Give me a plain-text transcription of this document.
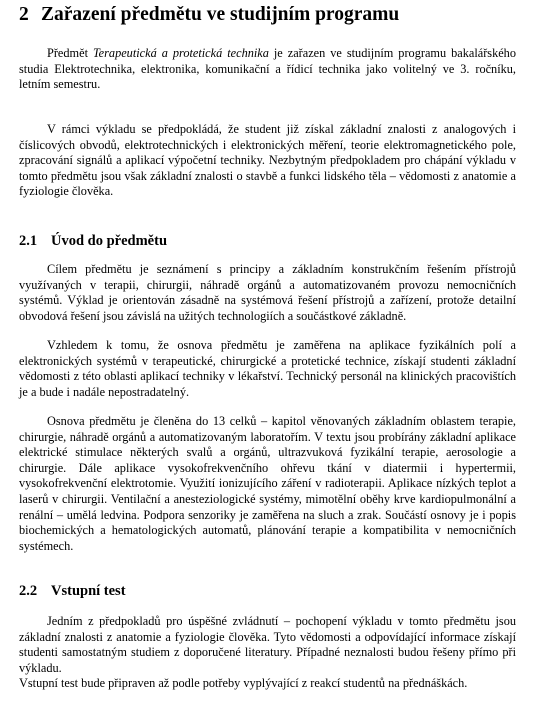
2 Zařazení předmětu ve studijním programu

Předmět Terapeutická a protetická technika je zařazen ve studijním programu bakalářského studia Elektrotechnika, elektronika, komunikační a řídicí technika jako volitelný ve 3. ročníku, letním semestru.

V rámci výkladu se předpokládá, že student již získal základní znalosti z analogových i číslicových obvodů, elektrotechnických i elektronických měření, teorie elektromagnetického pole, zpracování signálů a aplikací výpočetní techniky. Nezbytným předpokladem pro chápání výkladu v tomto předmětu jsou však základní znalosti o stavbě a funkci lidského těla – vědomosti z anatomie a fyziologie člověka.

2.1 Úvod do předmětu

Cílem předmětu je seznámení s principy a základním konstrukčním řešením přístrojů využívaných v terapii, chirurgii, náhradě orgánů a automatizovaném provozu nemocničních systémů. Výklad je orientován zásadně na systémová řešení přístrojů a zařízení, protože detailní obvodová řešení jsou závislá na užitých technologiích a součástkové základně.

Vzhledem k tomu, že osnova předmětu je zaměřena na aplikace fyzikálních polí a elektronických systémů v terapeutické, chirurgické a protetické technice, získají studenti základní vědomosti z této oblasti aplikací techniky v lékařství. Technický personál na klinických pracovištích je a bude i nadále nepostradatelný.

Osnova předmětu je členěna do 13 celků – kapitol věnovaných základním oblastem terapie, chirurgie, náhradě orgánů a automatizovaným laboratořím. V textu jsou probírány základní aplikace elektrické stimulace některých svalů a orgánů, ultrazvuková fyzikální terapie, aerosologie a chirurgie. Dále aplikace vysokofrekvenčního ohřevu tkání v diatermii i hypertermii, vysokofrekvenční elektrotomie. Využití ionizujícího záření v radioterapii. Aplikace nízkých teplot a laserů v chirurgii. Ventilační a anesteziologické systémy, mimotělní oběhy krve kardiopulmonální a renální – umělá ledvina. Podpora senzoriky je zaměřena na sluch a zrak. Součástí osnovy je i popis biochemických a hematologických automatů, plánování terapie a kompatibilita v nemocničních systémech.

2.2 Vstupní test

Jedním z předpokladů pro úspěšné zvládnutí – pochopení výkladu v tomto předmětu jsou základní znalosti z anatomie a fyziologie člověka. Tyto vědomosti a odpovídající informace získají studenti samostatným studiem z doporučené literatury. Případné neznalosti budou řešeny přímo při výkladu.

Vstupní test bude připraven až podle potřeby vyplývající z reakcí studentů na přednáškách.
